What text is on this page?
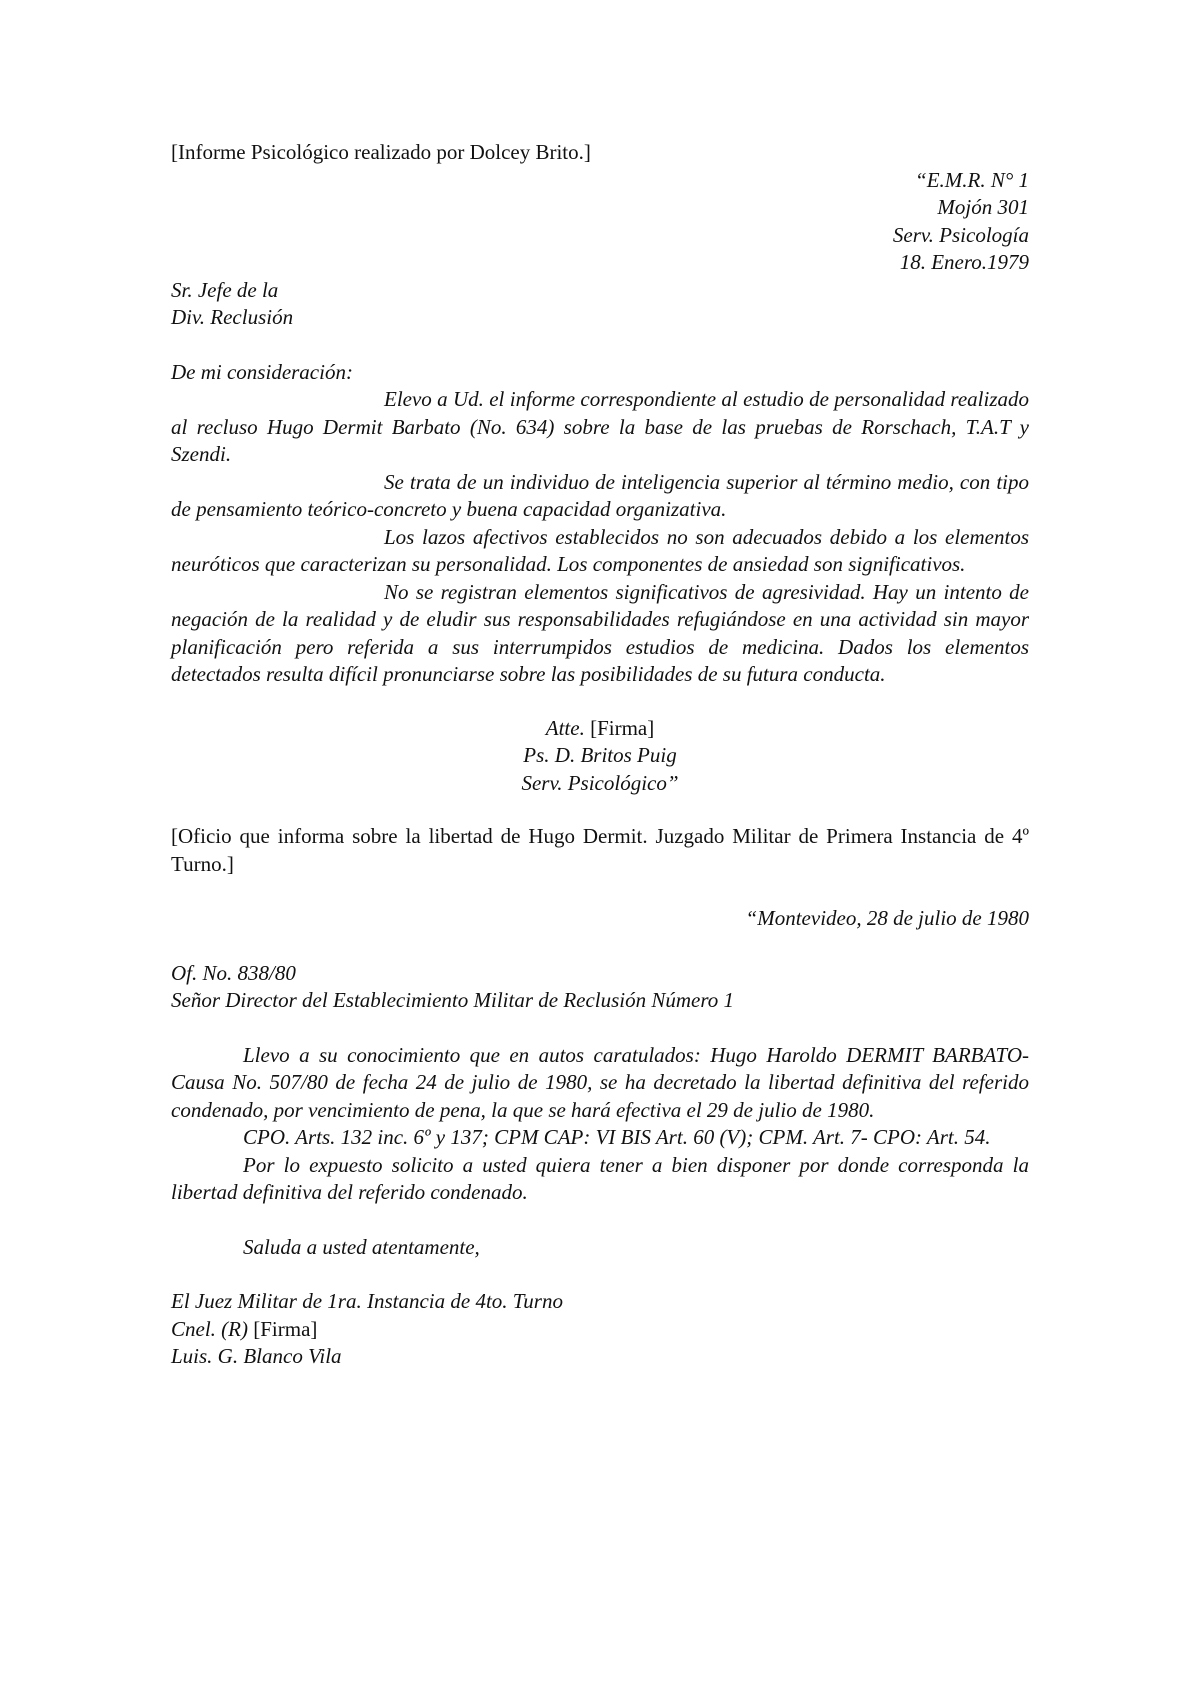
[Informe Psicológico realizado por Dolcey Brito.]

“E.M.R. N° 1
Mojón 301
Serv. Psicología
18. Enero.1979
Sr. Jefe de la
Div. Reclusión

De mi consideración:

Elevo a Ud. el informe correspondiente al estudio de personalidad realizado al recluso Hugo Dermit Barbato (No. 634) sobre la base de las pruebas de Rorschach, T.A.T y Szendi.

Se trata de un individuo de inteligencia superior al término medio, con tipo de pensamiento teórico-concreto y buena capacidad organizativa.

Los lazos afectivos establecidos no son adecuados debido a los elementos neuróticos que caracterizan su personalidad. Los componentes de ansiedad son significativos.

No se registran elementos significativos de agresividad. Hay un intento de negación de la realidad y de eludir sus responsabilidades refugiándose en una actividad sin mayor planificación pero referida a sus interrumpidos estudios de medicina. Dados los elementos detectados resulta difícil pronunciarse sobre las posibilidades de su futura conducta.

Atte. [Firma]
Ps. D. Britos Puig
Serv. Psicológico”

[Oficio que informa sobre la libertad de Hugo Dermit. Juzgado Militar de Primera Instancia de 4º Turno.]

“Montevideo, 28 de julio de 1980

Of. No. 838/80

Señor Director del Establecimiento Militar de Reclusión Número 1

Llevo a su conocimiento que en autos caratulados: Hugo Haroldo DERMIT BARBATO- Causa No. 507/80 de fecha 24 de julio de 1980, se ha decretado la libertad definitiva del referido condenado, por vencimiento de pena, la que se hará efectiva el 29 de julio de 1980.

CPO. Arts. 132 inc. 6º y 137; CPM CAP: VI BIS Art. 60 (V); CPM. Art. 7- CPO: Art. 54.

Por lo expuesto solicito a usted quiera tener a bien disponer por donde corresponda la libertad definitiva del referido condenado.

Saluda a usted atentamente,

El Juez Militar de 1ra. Instancia de 4to. Turno
Cnel. (R) [Firma]
Luis. G. Blanco Vila
